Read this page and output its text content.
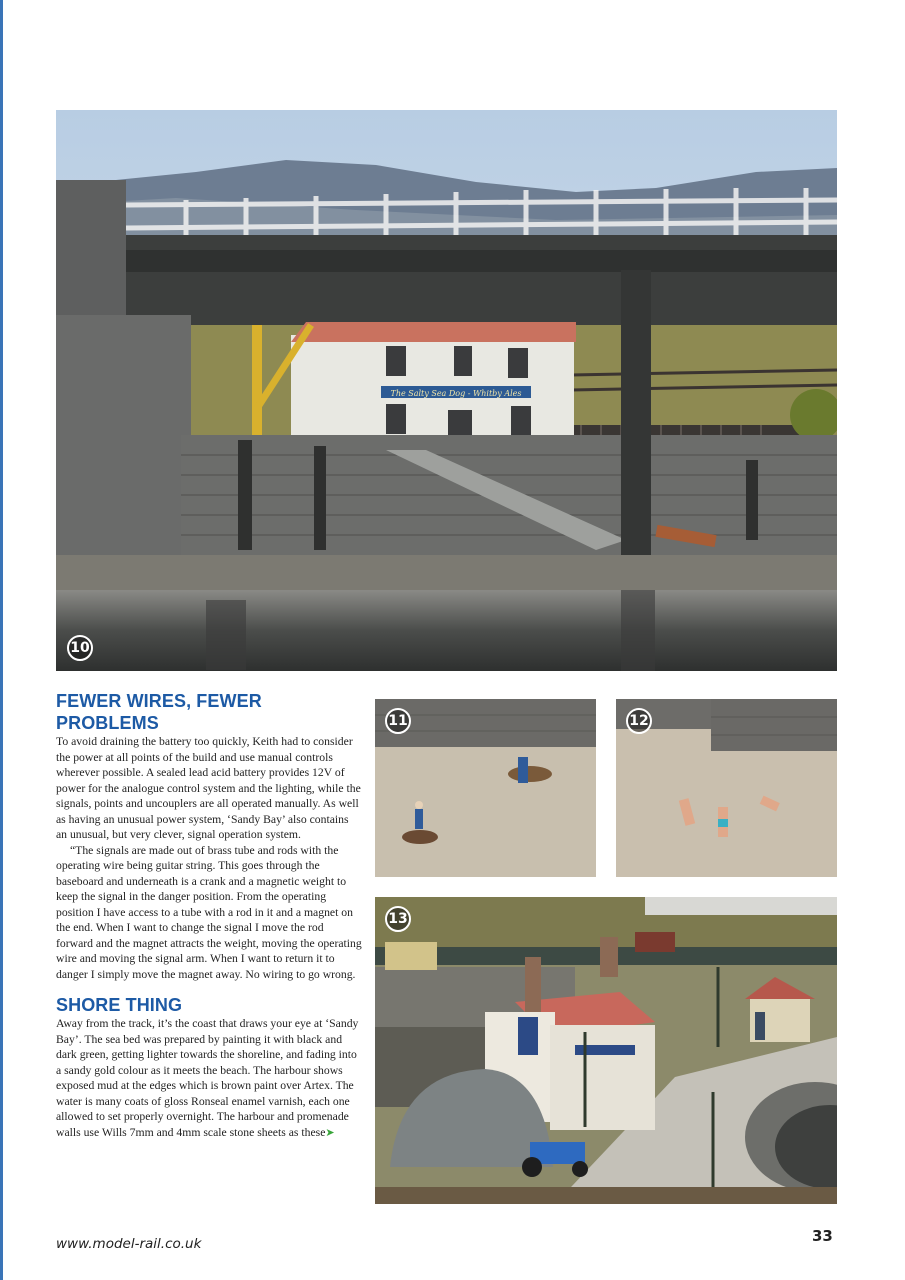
The Salty Sea Dog - Whitby Ales
10
11	12
13
FEWER WIRES, FEWER PROBLEMS

To avoid draining the battery too quickly, Keith had to consider the power at all points of the build and use manual controls wherever possible. A sealed lead acid battery provides 12V of power for the analogue control system and the lighting, while the signals, points and uncouplers are all operated manually. As well as having an unusual power system, ‘Sandy Bay’ also contains an unusual, but very clever, signal operation system.

“The signals are made out of brass tube and rods with the operating wire being guitar string. This goes through the baseboard and underneath is a crank and a magnetic weight to keep the signal in the danger position. From the operating position I have access to a tube with a rod in it and a magnet on the end. When I want to change the signal I move the rod forward and the magnet attracts the weight, moving the operating wire and moving the signal arm. When I want to return it to danger I simply move the magnet away. No wiring to go wrong.

SHORE THING

Away from the track, it’s the coast that draws your eye at ‘Sandy Bay’. The sea bed was prepared by painting it with black and dark green, getting lighter towards the shoreline, and fading into a sandy gold colour as it meets the beach. The harbour shows exposed mud at the edges which is brown paint over Artex. The water is many coats of gloss Ronseal enamel varnish, each one allowed to set properly overnight. The harbour and promenade walls use Wills 7mm and 4mm scale stone sheets as these➤

www.model-rail.co.uk	33
